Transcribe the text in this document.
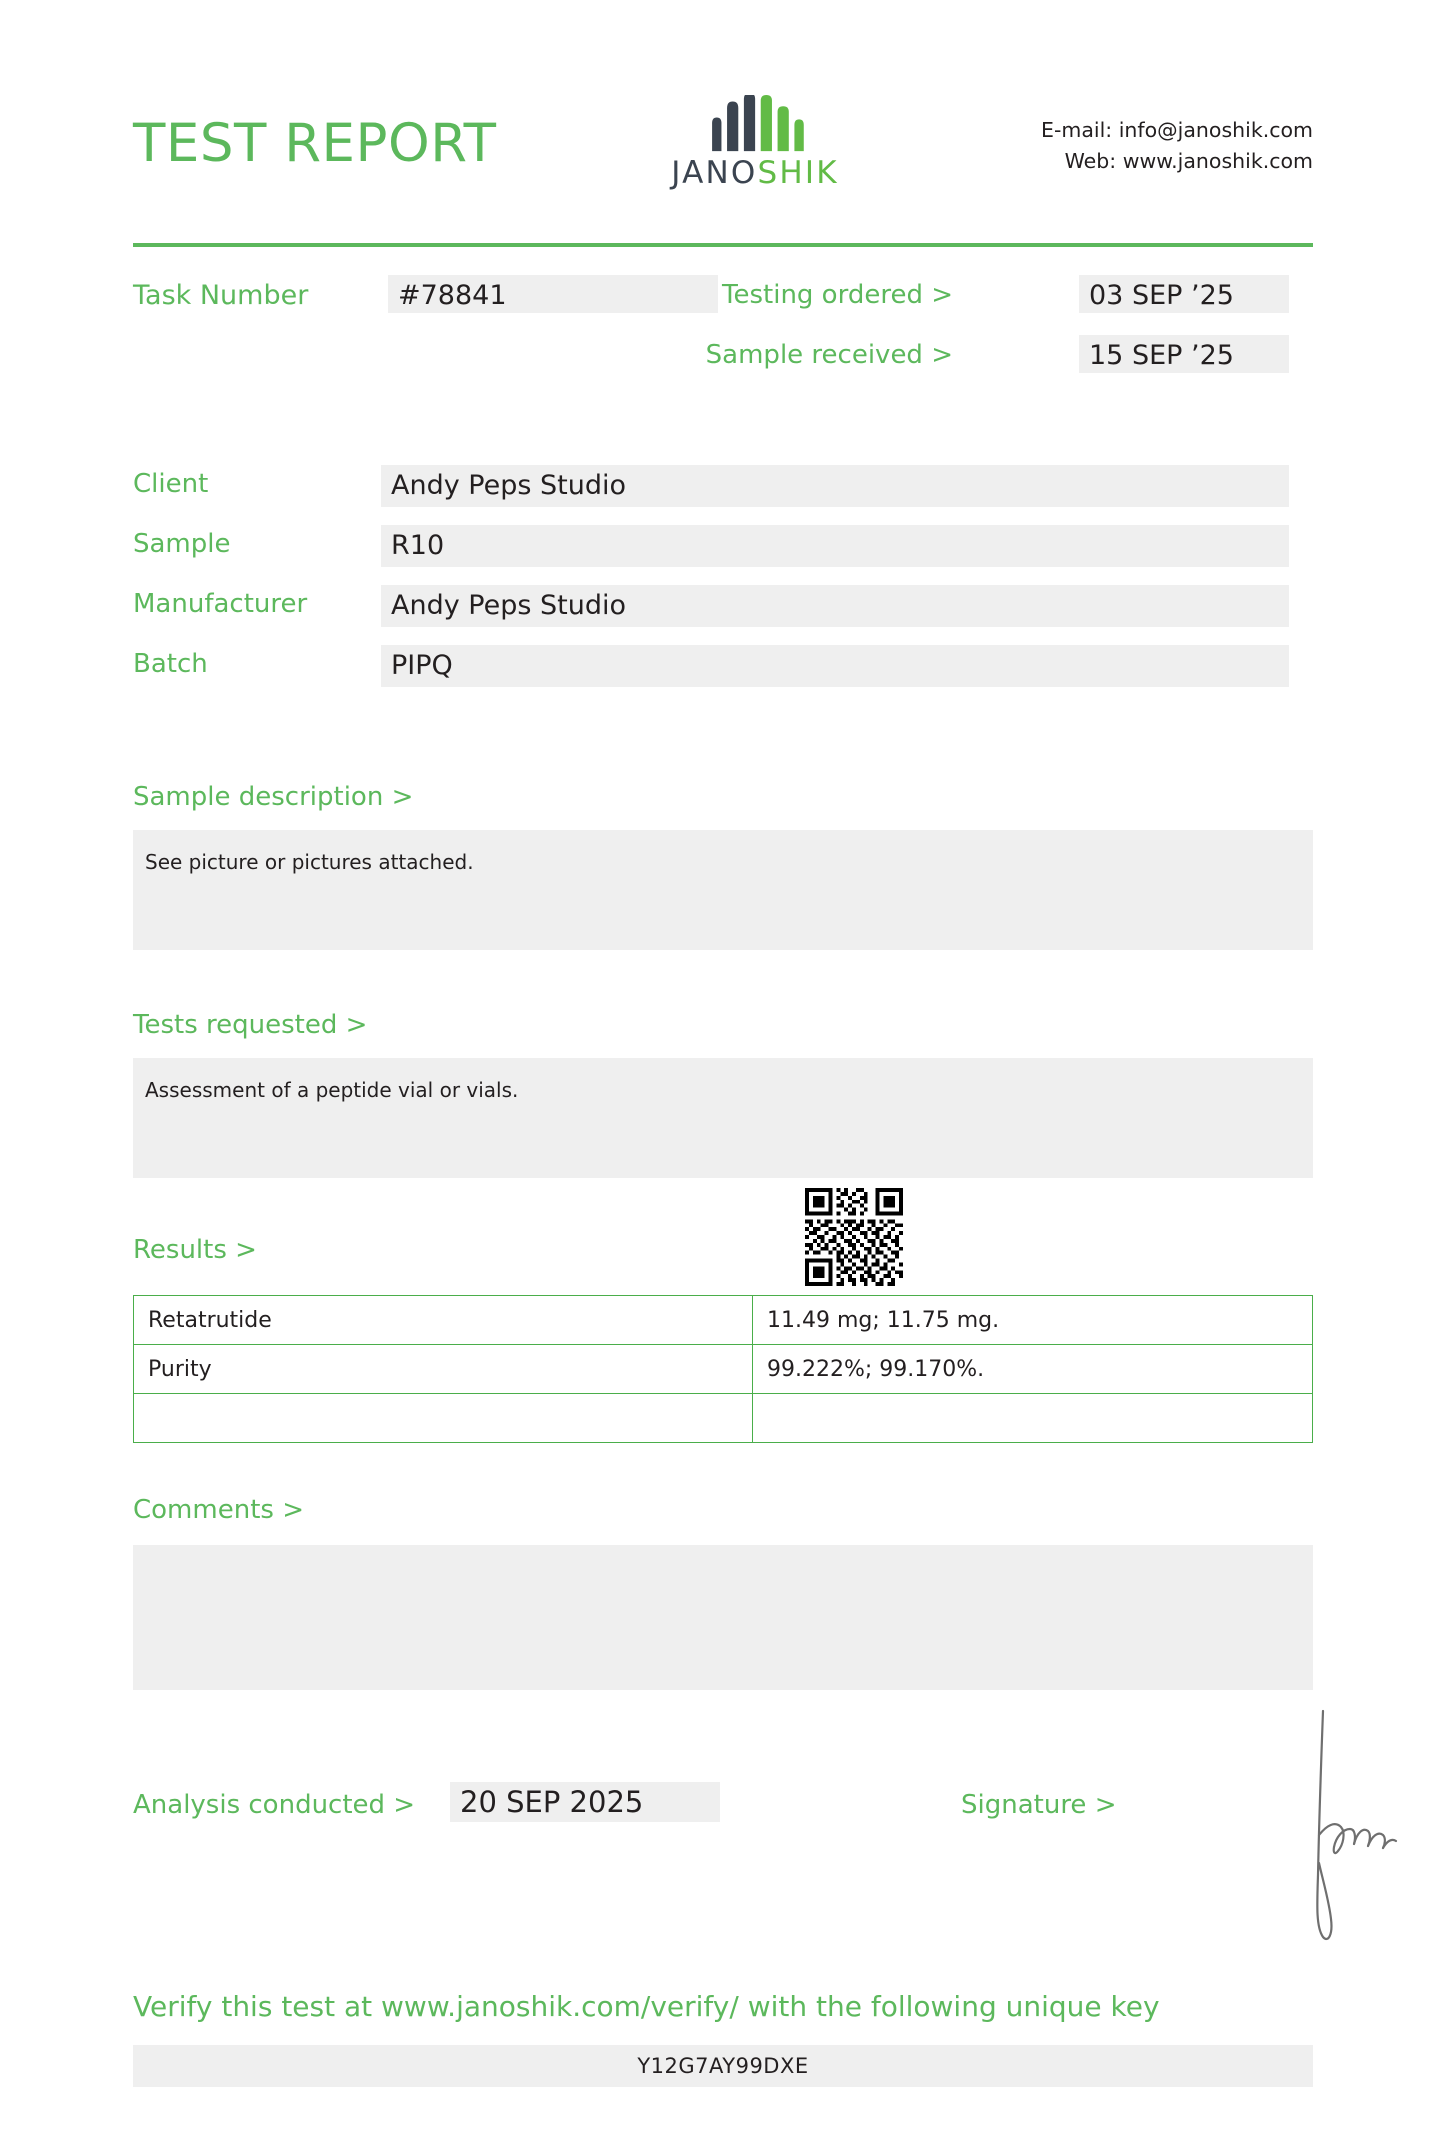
TEST REPORT	JANOSHIK
E-mail: info@janoshik.com
Web: www.janoshik.com
Task Number	#78841	Testing ordered >	03 SEP ’25
Sample received >	15 SEP ’25
Client	Andy Peps Studio
Sample	R10
Manufacturer	Andy Peps Studio
Batch	PIPQ
Sample description >
See picture or pictures attached.
Tests requested >
Assessment of a peptide vial or vials.
Results >
Retatrutide	11.49 mg; 11.75 mg.
Purity	99.222%; 99.170%.

Comments >
Analysis conducted >	20 SEP 2025	Signature >
Verify this test at www.janoshik.com/verify/ with the following unique key
Y12G7AY99DXE
